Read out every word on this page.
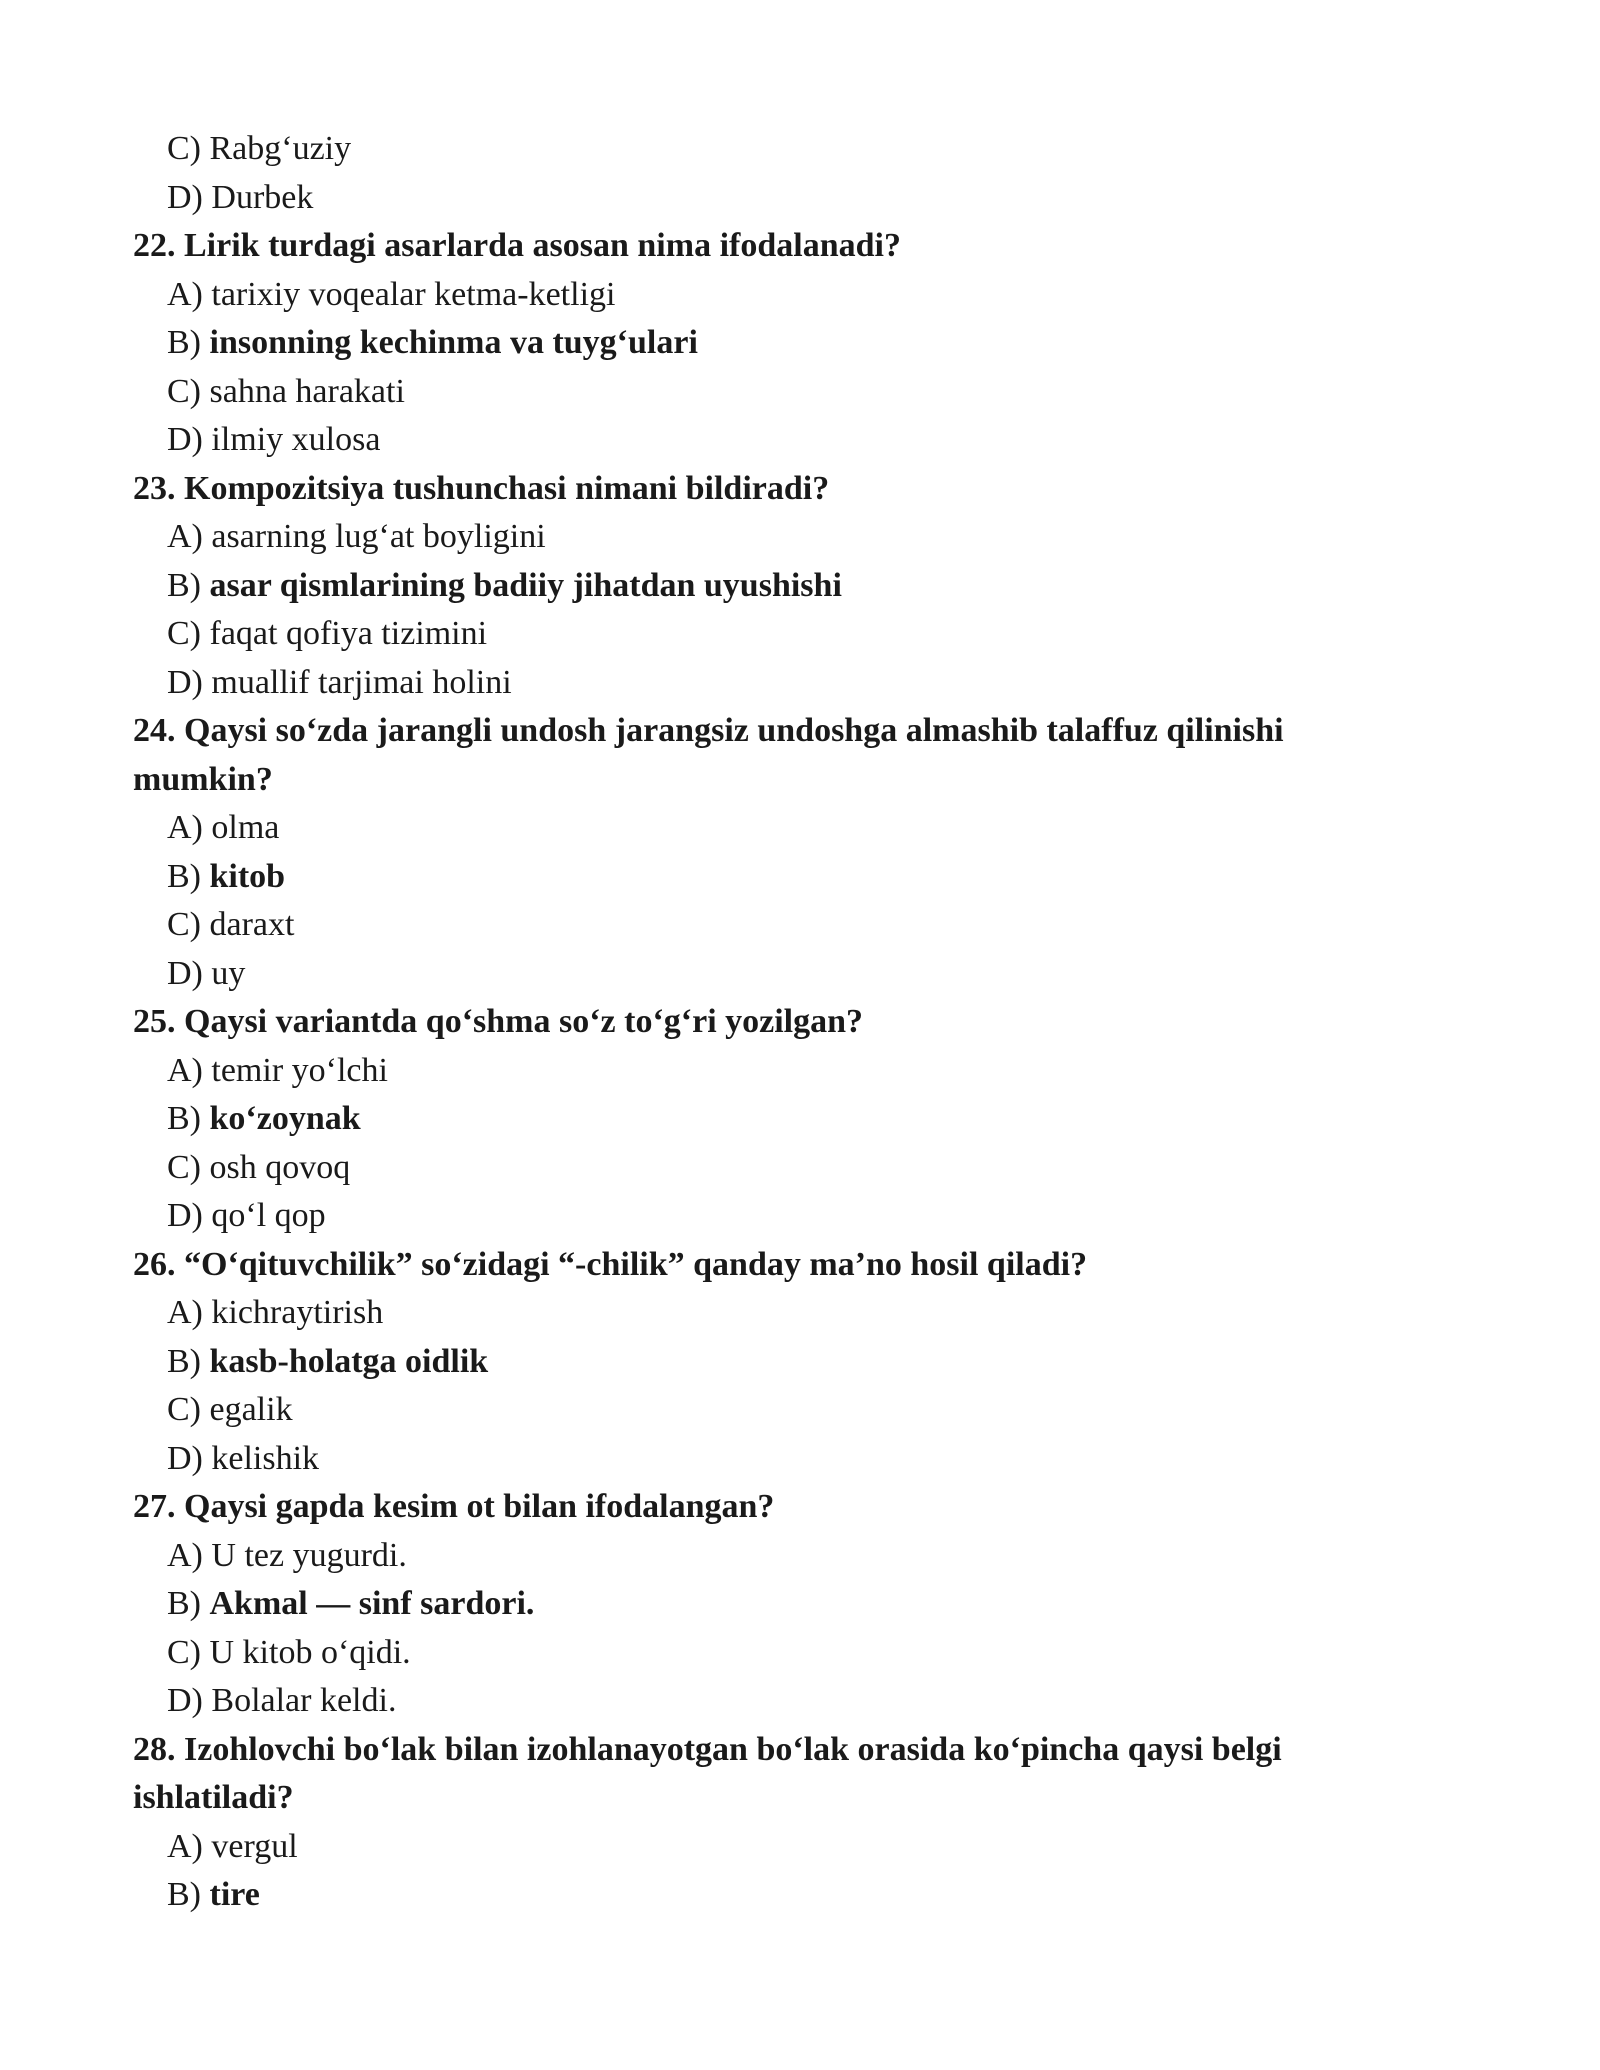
C) Rabg‘uziy
D) Durbek
22. Lirik turdagi asarlarda asosan nima ifodalanadi?
A) tarixiy voqealar ketma-ketligi
B) insonning kechinma va tuyg‘ulari
C) sahna harakati
D) ilmiy xulosa
23. Kompozitsiya tushunchasi nimani bildiradi?
A) asarning lug‘at boyligini
B) asar qismlarining badiiy jihatdan uyushishi
C) faqat qofiya tizimini
D) muallif tarjimai holini
24. Qaysi so‘zda jarangli undosh jarangsiz undoshga almashib talaffuz qilinishi
mumkin?
A) olma
B) kitob
C) daraxt
D) uy
25. Qaysi variantda qo‘shma so‘z to‘g‘ri yozilgan?
A) temir yo‘lchi
B) ko‘zoynak
C) osh qovoq
D) qo‘l qop
26. “O‘qituvchilik” so‘zidagi “-chilik” qanday ma’no hosil qiladi?
A) kichraytirish
B) kasb-holatga oidlik
C) egalik
D) kelishik
27. Qaysi gapda kesim ot bilan ifodalangan?
A) U tez yugurdi.
B) Akmal — sinf sardori.
C) U kitob o‘qidi.
D) Bolalar keldi.
28. Izohlovchi bo‘lak bilan izohlanayotgan bo‘lak orasida ko‘pincha qaysi belgi
ishlatiladi?
A) vergul
B) tire
